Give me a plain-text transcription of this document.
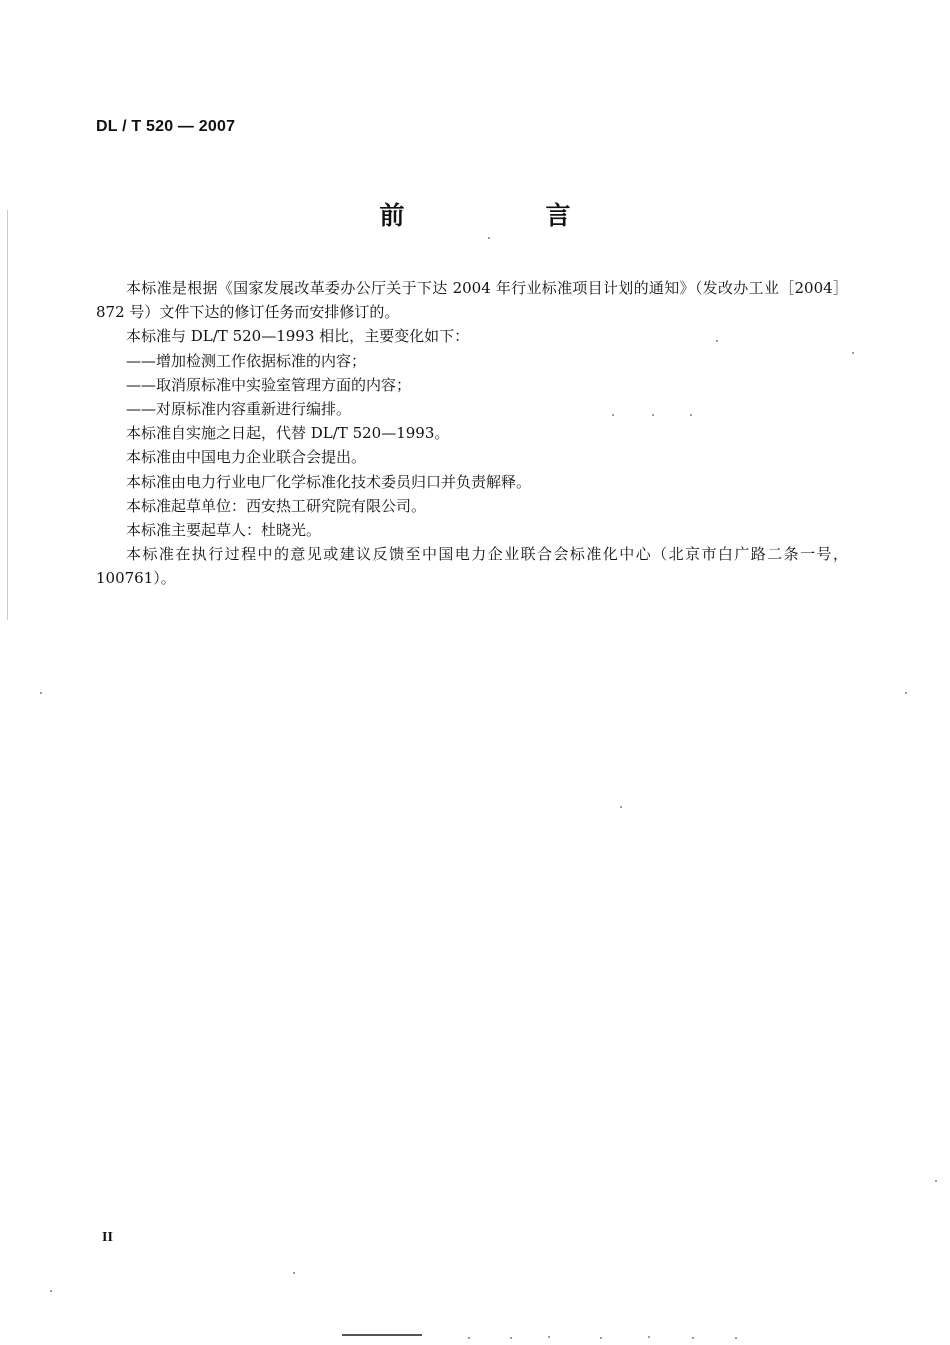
DL / T 520 — 2007
前　言

本标准是根据《国家发展改革委办公厅关于下达 2004 年行业标准项目计划的通知》（发改办工业［2004］872 号）文件下达的修订任务而安排修订的。

本标准与 DL/T 520—1993 相比，主要变化如下：

——增加检测工作依据标准的内容；

——取消原标准中实验室管理方面的内容；

——对原标准内容重新进行编排。

本标准自实施之日起，代替 DL/T 520—1993。

本标准由中国电力企业联合会提出。

本标准由电力行业电厂化学标准化技术委员归口并负责解释。

本标准起草单位：西安热工研究院有限公司。

本标准主要起草人：杜晓光。

本标准在执行过程中的意见或建议反馈至中国电力企业联合会标准化中心（北京市白广路二条一号，100761）。

II
